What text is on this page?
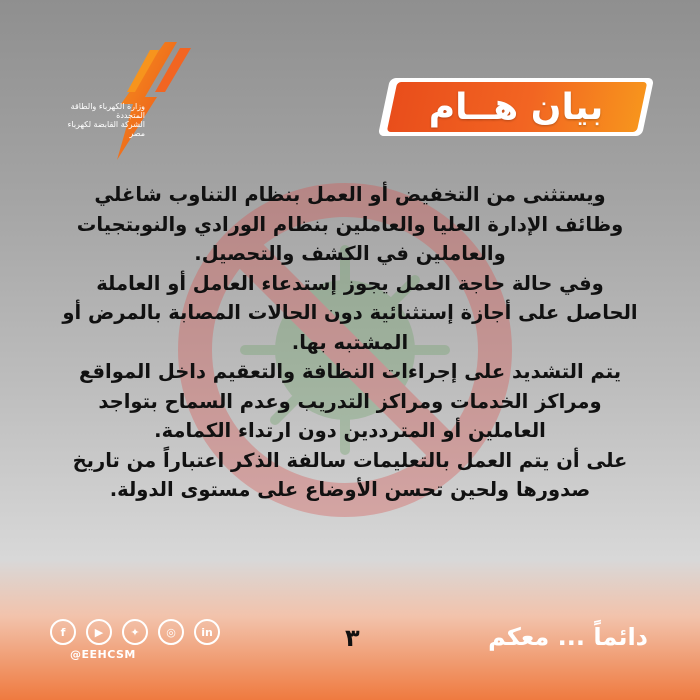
وزارة الكهرباء والطاقة المتجددة
الشركة القابضة لكهرباء مصر
بيان هــام

ويستثنى من التخفيض أو العمل بنظام التناوب شاغلي وظائف الإدارة العليا والعاملين بنظام الورادي والنوبتجيات والعاملين في الكشف والتحصيل.

وفي حالة حاجة العمل يجوز إستدعاء العامل أو العاملة الحاصل على أجازة إستثنائية دون الحالات المصابة بالمرض أو المشتبه بها.

يتم التشديد على إجراءات النظافة والتعقيم داخل المواقع ومراكز الخدمات ومراكز التدريب وعدم السماح بتواجد العاملين أو المترددين دون ارتداء الكمامة.

على أن يتم العمل بالتعليمات سالفة الذكر اعتباراً من تاريخ صدورها ولحين تحسن الأوضاع على مستوى الدولة.

f	▶	✦	◎	in
@EEHCSM
٣	دائماً ... معكم
